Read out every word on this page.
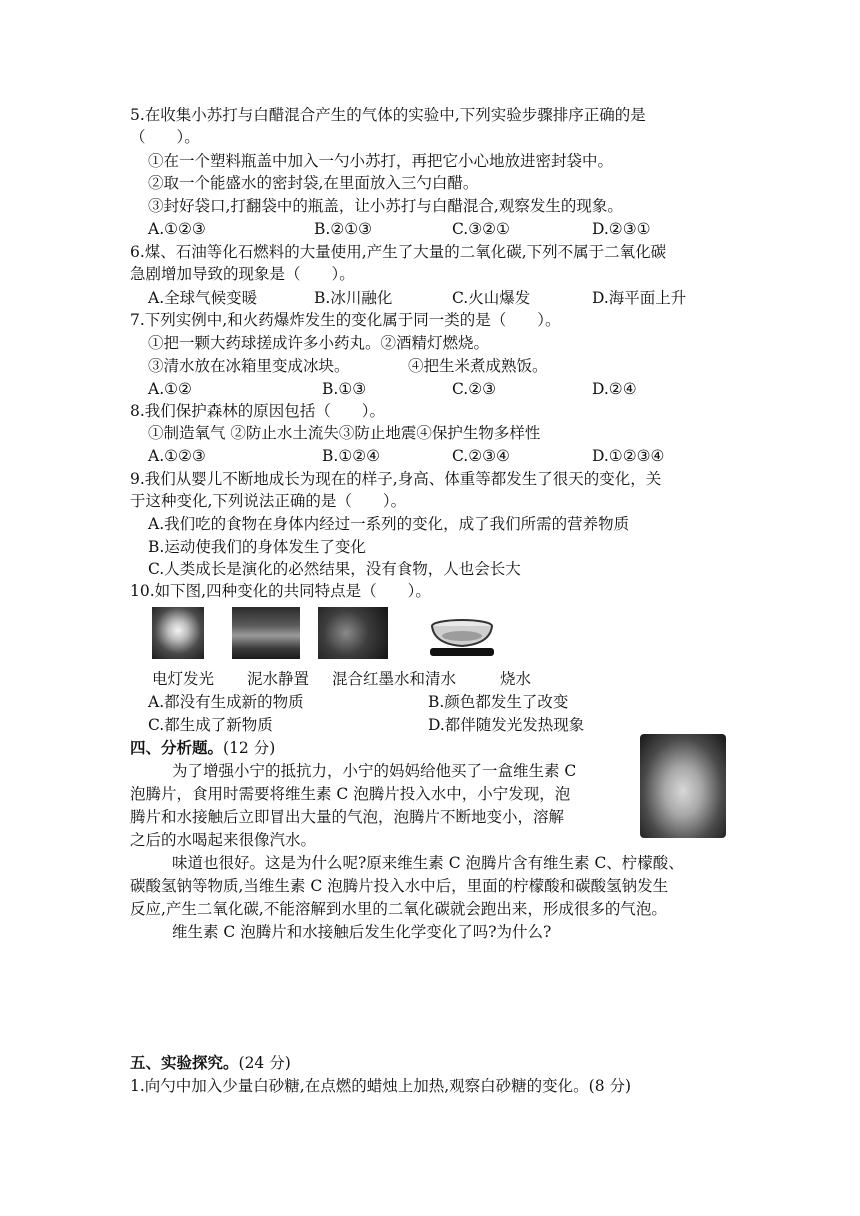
5.在收集小苏打与白醋混合产生的气体的实验中,下列实验步骤排序正确的是
（　　）。
①在一个塑料瓶盖中加入一勺小苏打，再把它小心地放进密封袋中。
②取一个能盛水的密封袋,在里面放入三勺白醋。
③封好袋口,打翻袋中的瓶盖，让小苏打与白醋混合,观察发生的现象。
A.①②③	B.②①③	C.③②①	D.②③①
6.煤、石油等化石燃料的大量使用,产生了大量的二氧化碳,下列不属于二氧化碳
急剧增加导致的现象是（　　）。
A.全球气候变暖	B.冰川融化	C.火山爆发	D.海平面上升
7.下列实例中,和火药爆炸发生的变化属于同一类的是（　　）。
①把一颗大药球搓成许多小药丸。②酒精灯燃烧。
③清水放在冰箱里变成冰块。	④把生米煮成熟饭。
A.①②	B.①③	C.②③	D.②④
8.我们保护森林的原因包括（　　）。
①制造氧气 ②防止水土流失③防止地震④保护生物多样性
A.①②③	B.①②④	C.②③④	D.①②③④
9.我们从婴儿不断地成长为现在的样子,身高、体重等都发生了很天的变化，关
于这种变化,下列说法正确的是（　　）。
A.我们吃的食物在身体内经过一系列的变化，成了我们所需的营养物质
B.运动使我们的身体发生了变化
C.人类成长是演化的必然结果，没有食物，人也会长大
10.如下图,四种变化的共同特点是（　　）。
电灯发光 泥水静置 混合红墨水和清水	烧水
A.都没有生成新的物质	B.颜色都发生了改变
C.都生成了新物质	D.都伴随发光发热现象
四、分析题。(12 分)
为了增强小宁的抵抗力，小宁的妈妈给他买了一盒维生素 C
泡腾片，食用时需要将维生素 C 泡腾片投入水中，小宁发现，泡
腾片和水接触后立即冒出大量的气泡，泡腾片不断地变小，溶解
之后的水喝起来很像汽水。
味道也很好。这是为什么呢?原来维生素 C 泡腾片含有维生素 C、柠檬酸、
碳酸氢钠等物质,当维生素 C 泡腾片投入水中后，里面的柠檬酸和碳酸氢钠发生
反应,产生二氧化碳,不能溶解到水里的二氧化碳就会跑出来，形成很多的气泡。
维生素 C 泡腾片和水接触后发生化学变化了吗?为什么?
五、实验探究。(24 分)
1.向勺中加入少量白砂糖,在点燃的蜡烛上加热,观察白砂糖的变化。(8 分)
